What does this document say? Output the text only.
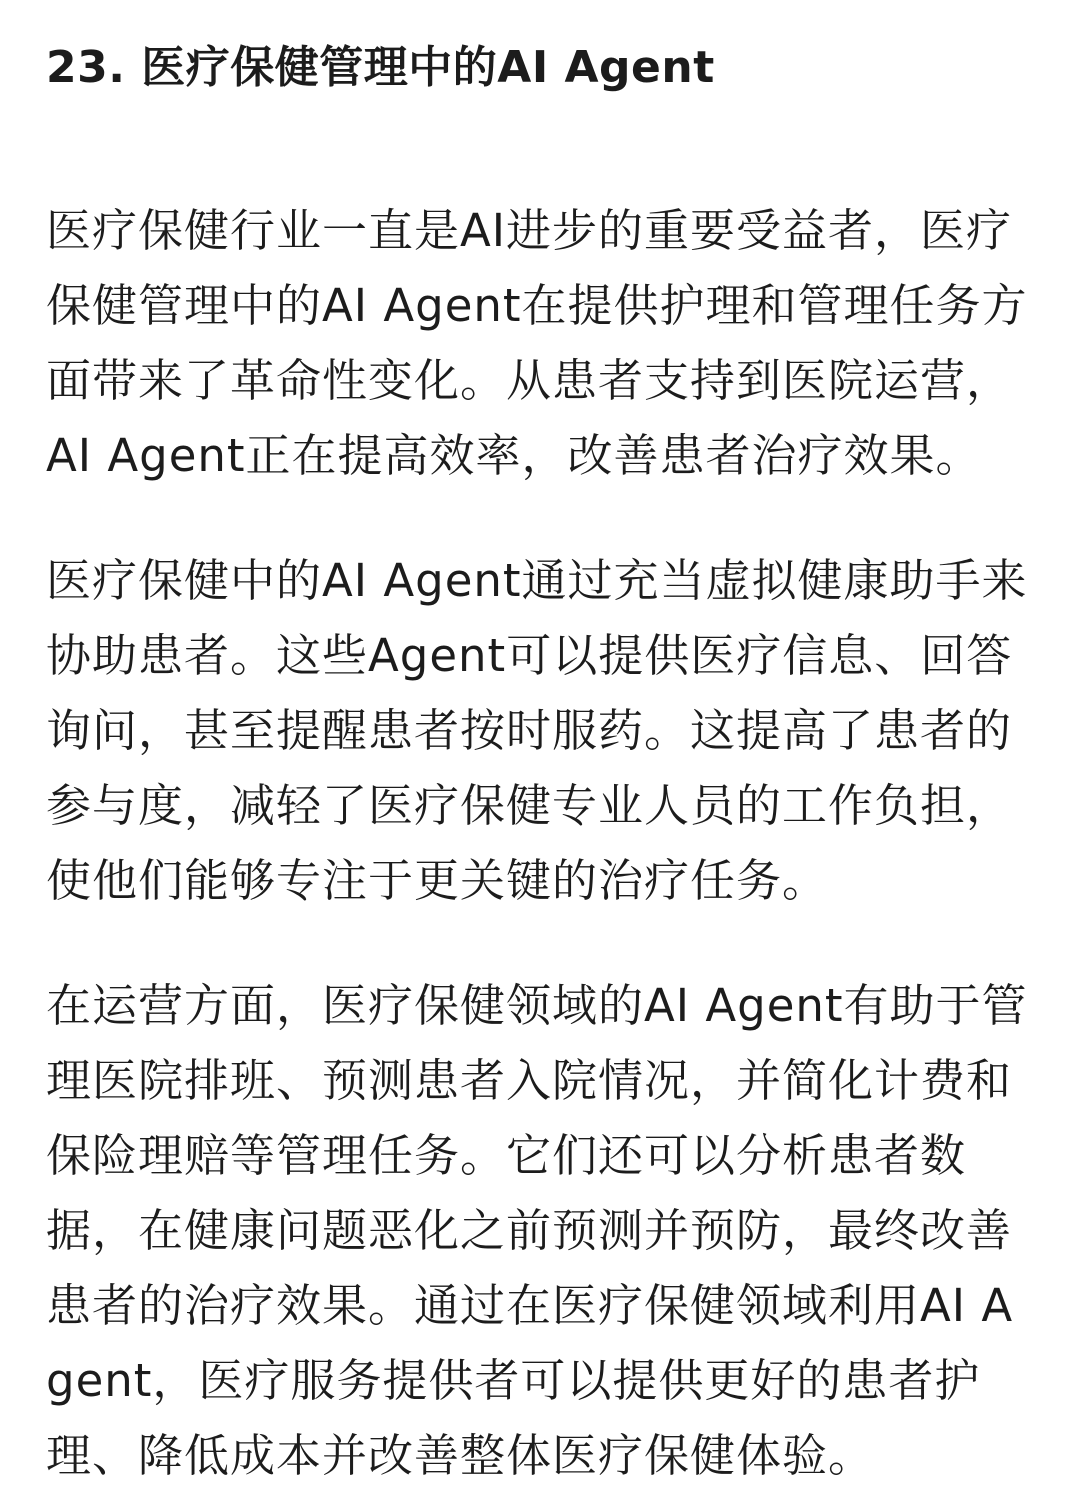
23. 医疗保健管理中的AI Agent

医疗保健行业一直是AI进步的重要受益者，医疗保健管理中的AI Agent在提供护理和管理任务方面带来了革命性变化。从患者支持到医院运营，AI Agent正在提高效率，改善患者治疗效果。

医疗保健中的AI Agent通过充当虚拟健康助手来协助患者。这些Agent可以提供医疗信息、回答询问，甚至提醒患者按时服药。这提高了患者的参与度，减轻了医疗保健专业人员的工作负担，使他们能够专注于更关键的治疗任务。

在运营方面，医疗保健领域的AI Agent有助于管理医院排班、预测患者入院情况，并简化计费和保险理赔等管理任务。它们还可以分析患者数据，在健康问题恶化之前预测并预防，最终改善患者的治疗效果。通过在医疗保健领域利用AI Agent，医疗服务提供者可以提供更好的患者护理、降低成本并改善整体医疗保健体验。
